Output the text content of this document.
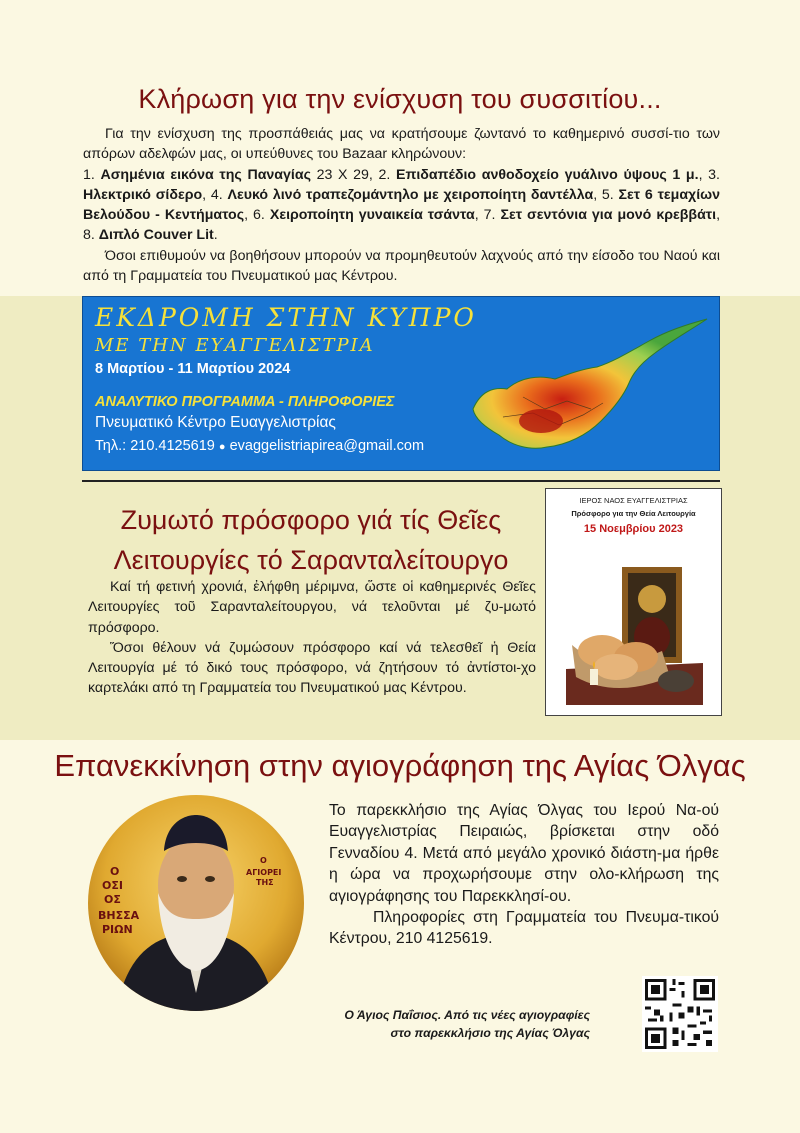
Κλήρωση για την ενίσχυση του συσσιτίου...

Για την ενίσχυση της προσπάθειάς μας να κρατήσουμε ζωντανό το καθημερινό συσσί-τιο των απόρων αδελφών μας, οι υπεύθυνες του Bazaar κληρώνουν:

1. Ασημένια εικόνα της Παναγίας 23 Χ 29, 2. Επιδαπέδιο ανθοδοχείο γυάλινο ύψους 1 μ., 3. Ηλεκτρικό σίδερο, 4. Λευκό λινό τραπεζομάντηλο με χειροποίητη δαντέλλα, 5. Σετ 6 τεμαχίων Βελούδου - Κεντήματος, 6. Χειροποίητη γυναικεία τσάντα, 7. Σετ σεντόνια για μονό κρεββάτι, 8. Διπλό Couver Lit.

Όσοι επιθυμούν να βοηθήσουν μπορούν να προμηθευτούν λαχνούς από την είσοδο του Ναού και από τη Γραμματεία του Πνευματικού μας Κέντρου.

ΕΚΔΡΟΜΗ ΣΤΗΝ ΚΥΠΡΟ
ΜΕ ΤΗΝ ΕΥΑΓΓΕΛΙΣΤΡΙΑ
8 Μαρτίου - 11 Μαρτίου 2024
ΑΝΑΛΥΤΙΚΟ ΠΡΟΓΡΑΜΜΑ - ΠΛΗΡΟΦΟΡΙΕΣ
Πνευματικό Κέντρο Ευαγγελιστρίας
Τηλ.: 210.4125619 ● evaggelistriapirea@gmail.com
Ζυμωτό πρόσφορο γιά τίς Θεῖες
Λειτουργίες τό Σαρανταλείτουργο

Καί τή φετινή χρονιά, ἐλήφθη μέριμνα, ὥστε οἱ καθημερινές Θεῖες Λειτουργίες τοῦ Σαρανταλείτουργου, νά τελοῦνται μέ ζυ-μωτό πρόσφορο.

Ὅσοι θέλουν νά ζυμώσουν πρόσφορο καί νά τελεσθεῖ ἡ Θεία Λειτουργία μέ τό δικό τους πρόσφορο, νά ζητήσουν τό ἀντίστοι-χο καρτελάκι από τη Γραμματεία του Πνευματικού μας Κέντρου.

ΙΕΡΟΣ ΝΑΟΣ ΕΥΑΓΓΕΛΙΣΤΡΙΑΣ
Πρόσφορο για την Θεία Λειτουργία
15 Νοεμβρίου 2023
Επανεκκίνηση στην αγιογράφηση της Αγίας Όλγας
Ο
ΟΣΙ
ΟΣ
ΒΗΣΣΑ
ΡΙΩΝ
Ο
ΑΓΙΟΡΕΙ
ΤΗΣ

Το παρεκκλήσιο της Αγίας Όλγας του Ιερού Να-ού Ευαγγελιστρίας Πειραιώς, βρίσκεται στην οδό Γενναδίου 4. Μετά από μεγάλο χρονικό διάστη-μα ήρθε η ώρα να προχωρήσουμε στην ολο-κλήρωση της αγιογράφησης του Παρεκκλησί-ου.

Πληροφορίες στη Γραμματεία του Πνευμα-τικού Κέντρου, 210 4125619.

Ο Άγιος Παΐσιος. Από τις νέες αγιογραφίες
στο παρεκκλήσιο της Αγίας Όλγας
